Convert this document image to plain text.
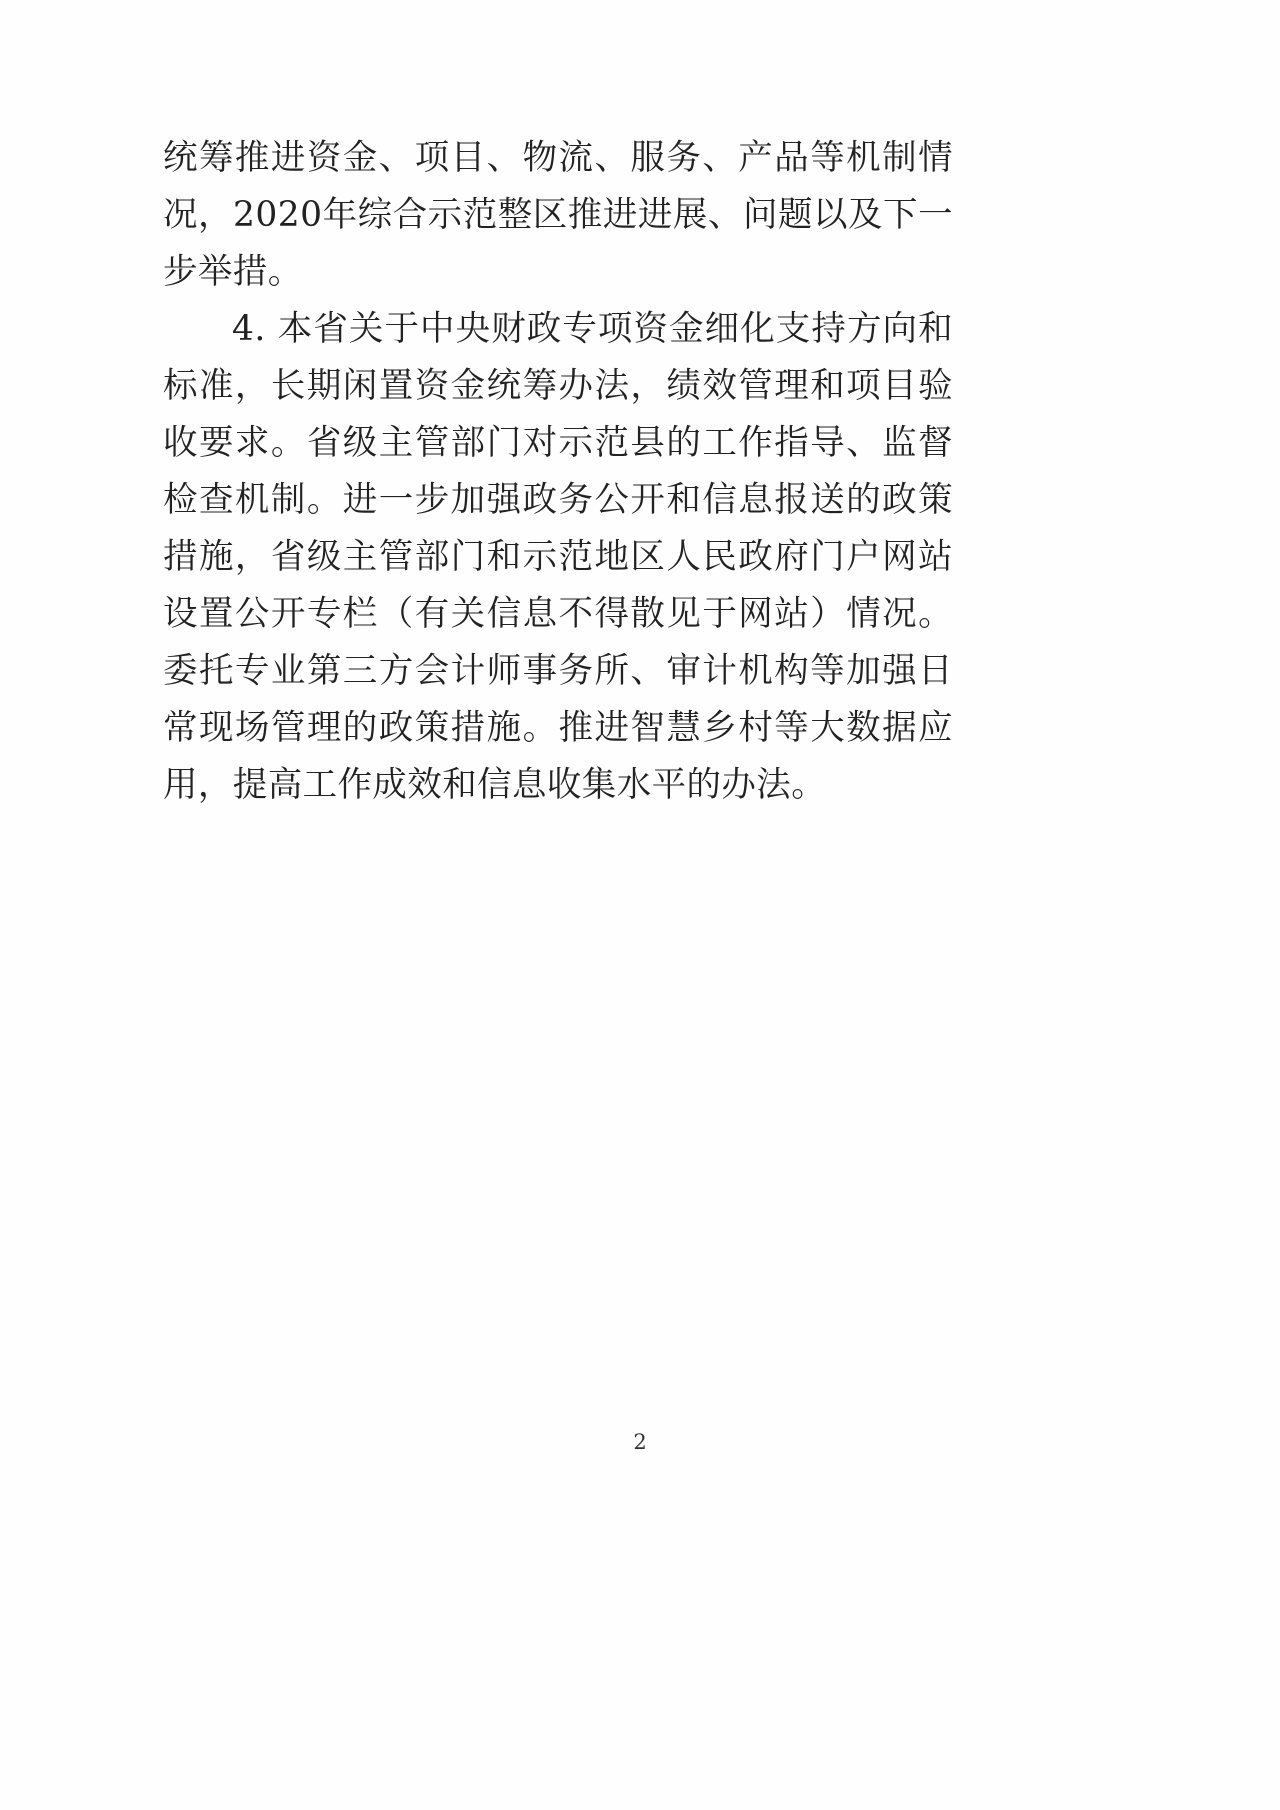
统筹推进资金、项目、物流、服务、产品等机制情况，2020年综合示范整区推进进展、问题以及下一步举措。

4. 本省关于中央财政专项资金细化支持方向和标准，长期闲置资金统筹办法，绩效管理和项目验收要求。省级主管部门对示范县的工作指导、监督检查机制。进一步加强政务公开和信息报送的政策措施，省级主管部门和示范地区人民政府门户网站设置公开专栏（有关信息不得散见于网站）情况。委托专业第三方会计师事务所、审计机构等加强日常现场管理的政策措施。推进智慧乡村等大数据应用，提高工作成效和信息收集水平的办法。

2
